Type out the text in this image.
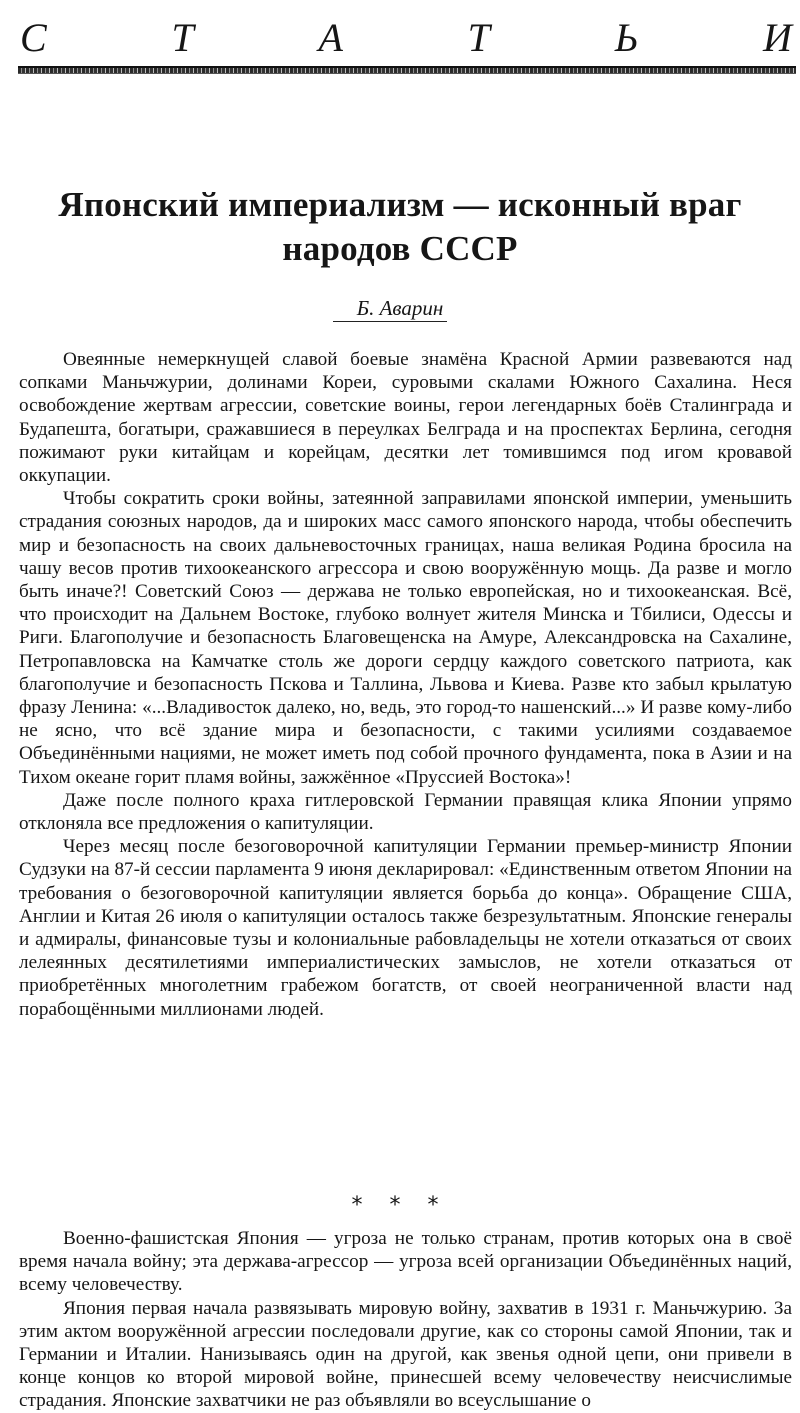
С	Т	А	Т	Ь	И
Японский империализм — исконный враг
народов СССР
Б. Аварин

Овеянные немеркнущей славой боевые знамёна Красной Армии развеваются над сопками Маньчжурии, долинами Кореи, суровыми скалами Южного Сахалина. Неся освобождение жертвам агрессии, советские воины, герои легендарных боёв Сталинграда и Будапешта, богатыри, сражавшиеся в переулках Белграда и на проспектах Берлина, сегодня пожимают руки китайцам и корейцам, десятки лет томившимся под игом кровавой оккупации.

Чтобы сократить сроки войны, затеянной заправилами японской империи, уменьшить страдания союзных народов, да и широких масс самого японского народа, чтобы обеспечить мир и безопасность на своих дальневосточных границах, наша великая Родина бросила на чашу весов против тихоокеанского агрессора и свою вооружённую мощь. Да разве и могло быть иначе?! Советский Союз — держава не только европейская, но и тихоокеанская. Всё, что происходит на Дальнем Востоке, глубоко волнует жителя Минска и Тбилиси, Одессы и Риги. Благополучие и безопасность Благовещенска на Амуре, Александровска на Сахалине, Петропавловска на Камчатке столь же дороги сердцу каждого советского патриота, как благополучие и безопасность Пскова и Таллина, Львова и Киева. Разве кто забыл крылатую фразу Ленина: «...Владивосток далеко, но, ведь, это город-то нашенский...» И разве кому-либо не ясно, что всё здание мира и безопасности, с такими усилиями создаваемое Объединёнными нациями, не может иметь под собой прочного фундамента, пока в Азии и на Тихом океане горит пламя войны, зажжённое «Пруссией Востока»!

Даже после полного краха гитлеровской Германии правящая клика Японии упрямо отклоняла все предложения о капитуляции.

Через месяц после безоговорочной капитуляции Германии премьер-министр Японии Судзуки на 87-й сессии парламента 9 июня декларировал: «Единственным ответом Японии на требования о безоговорочной капитуляции является борьба до конца». Обращение США, Англии и Китая 26 июля о капитуляции осталось также безрезультатным. Японские генералы и адмиралы, финансовые тузы и колониальные рабовладельцы не хотели отказаться от своих лелеянных десятилетиями империалистических замыслов, не хотели отказаться от приобретённых многолетним грабежом богатств, от своей неограниченной власти над порабощёнными миллионами людей.

* * *

Военно-фашистская Япония — угроза не только странам, против которых она в своё время начала войну; эта держава-агрессор — угроза всей организации Объединённых наций, всему человечеству.

Япония первая начала развязывать мировую войну, захватив в 1931 г. Маньчжурию. За этим актом вооружённой агрессии последовали другие, как со стороны самой Японии, так и Германии и Италии. Нанизываясь один на другой, как звенья одной цепи, они привели в конце концов ко второй мировой войне, принесшей всему человечеству неисчислимые страдания. Японские захватчики не раз объявляли во всеуслышание о
